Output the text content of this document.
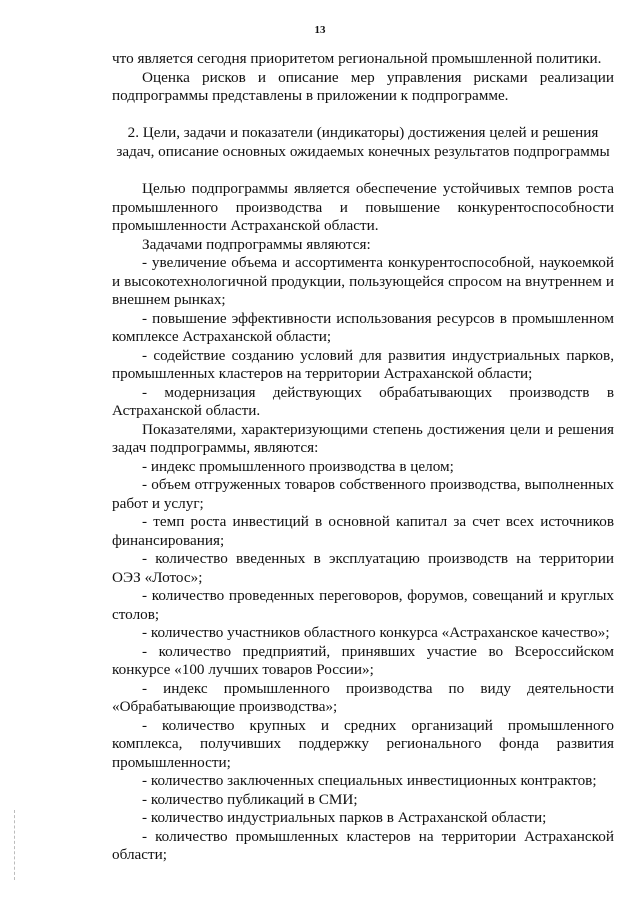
13

что является сегодня приоритетом региональной промышленной политики.

Оценка рисков и описание мер управления рисками реализации подпрограммы представлены в приложении к подпрограмме.

2. Цели, задачи и показатели (индикаторы) достижения целей и решения задач, описание основных ожидаемых конечных результатов подпрограммы

Целью подпрограммы является обеспечение устойчивых темпов роста промышленного производства и повышение конкурентоспособности промышленности Астраханской области.

Задачами подпрограммы являются:

- увеличение объема и ассортимента конкурентоспособной, наукоемкой и высокотехнологичной продукции, пользующейся спросом на внутреннем и внешнем рынках;

- повышение эффективности использования ресурсов в промышленном комплексе Астраханской области;

- содействие созданию условий для развития индустриальных парков, промышленных кластеров на территории Астраханской области;

- модернизация действующих обрабатывающих производств в Астраханской области.

Показателями, характеризующими степень достижения цели и решения задач подпрограммы, являются:

- индекс промышленного производства в целом;

- объем отгруженных товаров собственного производства, выполненных работ и услуг;

- темп роста инвестиций в основной капитал за счет всех источников финансирования;

- количество введенных в эксплуатацию производств на территории ОЭЗ «Лотос»;

- количество проведенных переговоров, форумов, совещаний и круглых столов;

- количество участников областного конкурса «Астраханское качество»;

- количество предприятий, принявших участие во Всероссийском конкурсе «100 лучших товаров России»;

- индекс промышленного производства по виду деятельности «Обрабатывающие производства»;

- количество крупных и средних организаций промышленного комплекса, получивших поддержку регионального фонда развития промышленности;

- количество заключенных специальных инвестиционных контрактов;

- количество публикаций в СМИ;

- количество индустриальных парков в Астраханской области;

- количество промышленных кластеров на территории Астраханской области;
